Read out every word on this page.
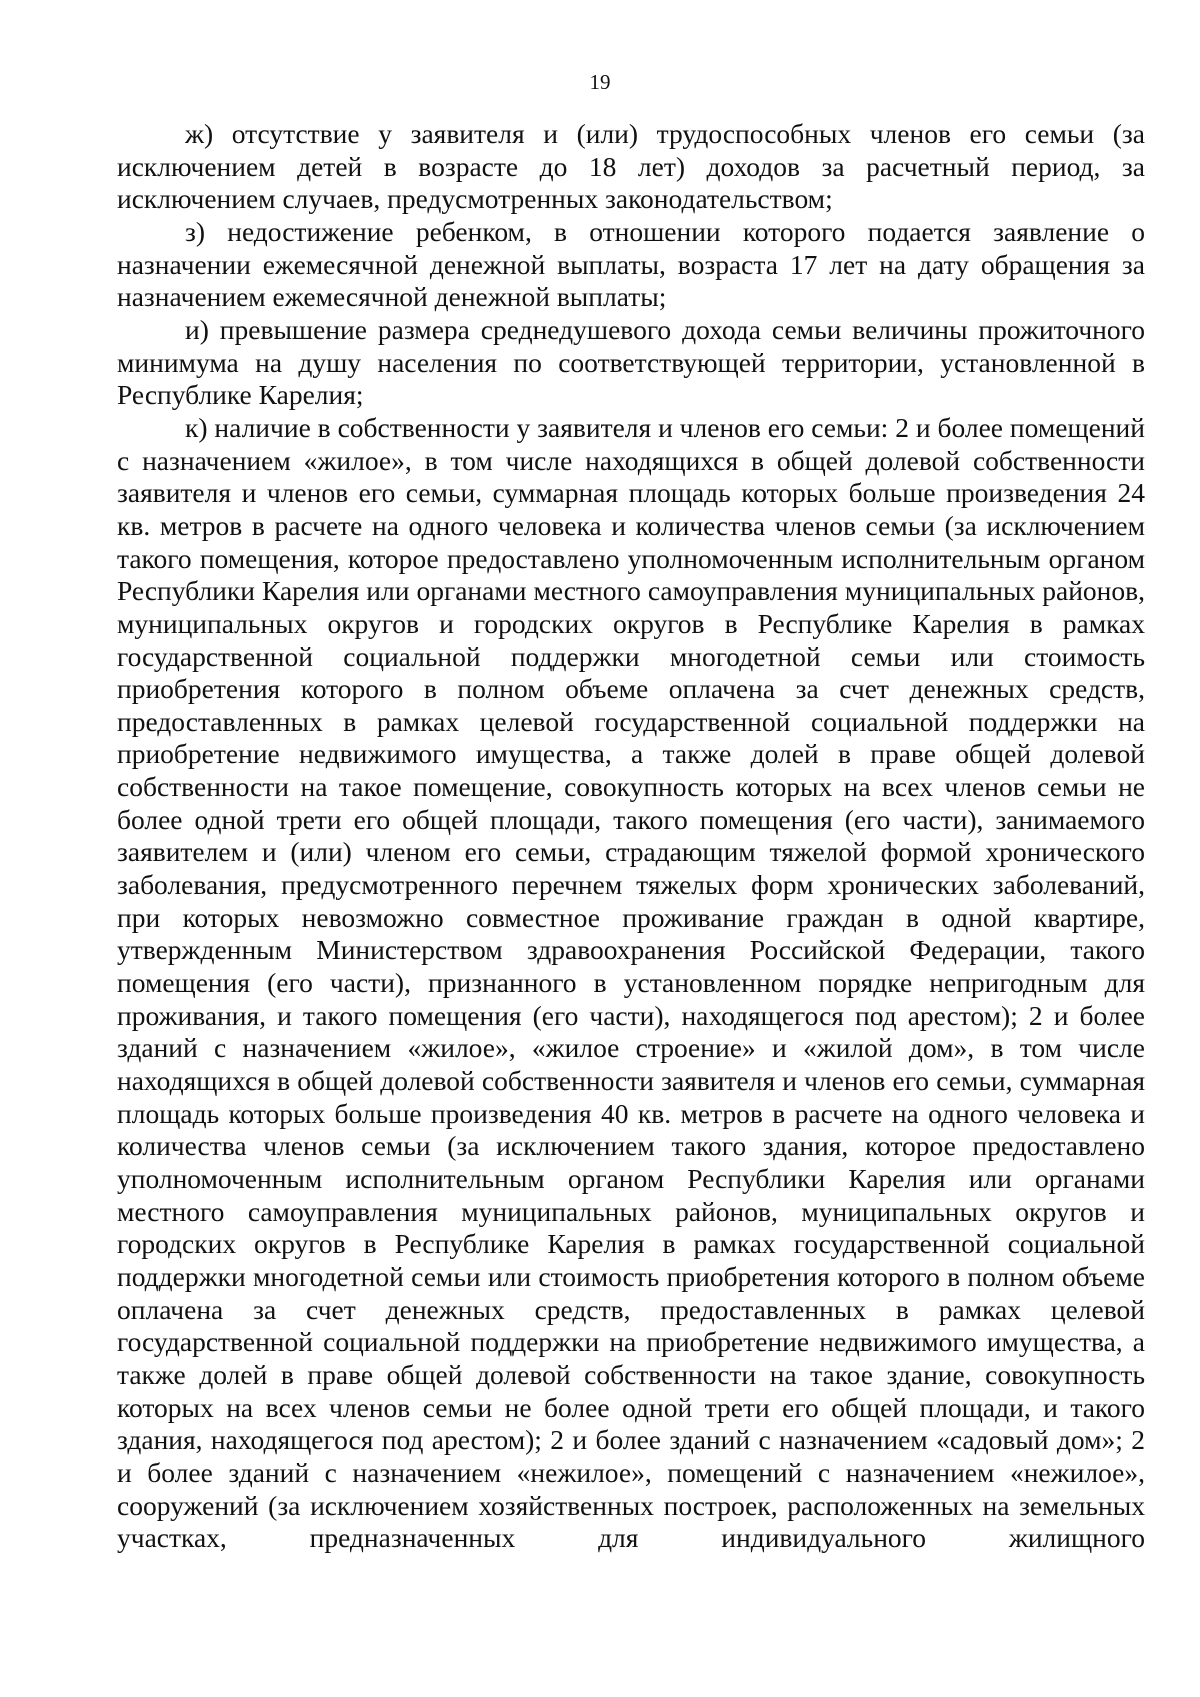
19

ж) отсутствие у заявителя и (или) трудоспособных членов его семьи (за исключением детей в возрасте до 18 лет) доходов за расчетный период, за исключением случаев, предусмотренных законодательством;

з) недостижение ребенком, в отношении которого подается заявление о назначении ежемесячной денежной выплаты, возраста 17 лет на дату обращения за назначением ежемесячной денежной выплаты;

и) превышение размера среднедушевого дохода семьи величины прожиточного минимума на душу населения по соответствующей территории, установленной в Республике Карелия;

к) наличие в собственности у заявителя и членов его семьи: 2 и более помещений с назначением «жилое», в том числе находящихся в общей долевой собственности заявителя и членов его семьи, суммарная площадь которых больше произведения 24 кв. метров в расчете на одного человека и количества членов семьи (за исключением такого помещения, которое предоставлено уполномоченным исполнительным органом Республики Карелия или органами местного самоуправления муниципальных районов, муниципальных округов и городских округов в Республике Карелия в рамках государственной социальной поддержки многодетной семьи или стоимость приобретения которого в полном объеме оплачена за счет денежных средств, предоставленных в рамках целевой государственной социальной поддержки на приобретение недвижимого имущества, а также долей в праве общей долевой собственности на такое помещение, совокупность которых на всех членов семьи не более одной трети его общей площади, такого помещения (его части), занимаемого заявителем и (или) членом его семьи, страдающим тяжелой формой хронического заболевания, предусмотренного перечнем тяжелых форм хронических заболеваний, при которых невозможно совместное проживание граждан в одной квартире, утвержденным Министерством здравоохранения Российской Федерации, такого помещения (его части), признанного в установленном порядке непригодным для проживания, и такого помещения (его части), находящегося под арестом); 2 и более зданий с назначением «жилое», «жилое строение» и «жилой дом», в том числе находящихся в общей долевой собственности заявителя и членов его семьи, суммарная площадь которых больше произведения 40 кв. метров в расчете на одного человека и количества членов семьи (за исключением такого здания, которое предоставлено уполномоченным исполнительным органом Республики Карелия или органами местного самоуправления муниципальных районов, муниципальных округов и городских округов в Республике Карелия в рамках государственной социальной поддержки многодетной семьи или стоимость приобретения которого в полном объеме оплачена за счет денежных средств, предоставленных в рамках целевой государственной социальной поддержки на приобретение недвижимого имущества, а также долей в праве общей долевой собственности на такое здание, совокупность которых на всех членов семьи не более одной трети его общей площади, и такого здания, находящегося под арестом); 2 и более зданий с назначением «садовый дом»; 2 и более зданий с назначением «нежилое», помещений с назначением «нежилое», сооружений (за исключением хозяйственных построек, расположенных на земельных участках, предназначенных для индивидуального жилищного
